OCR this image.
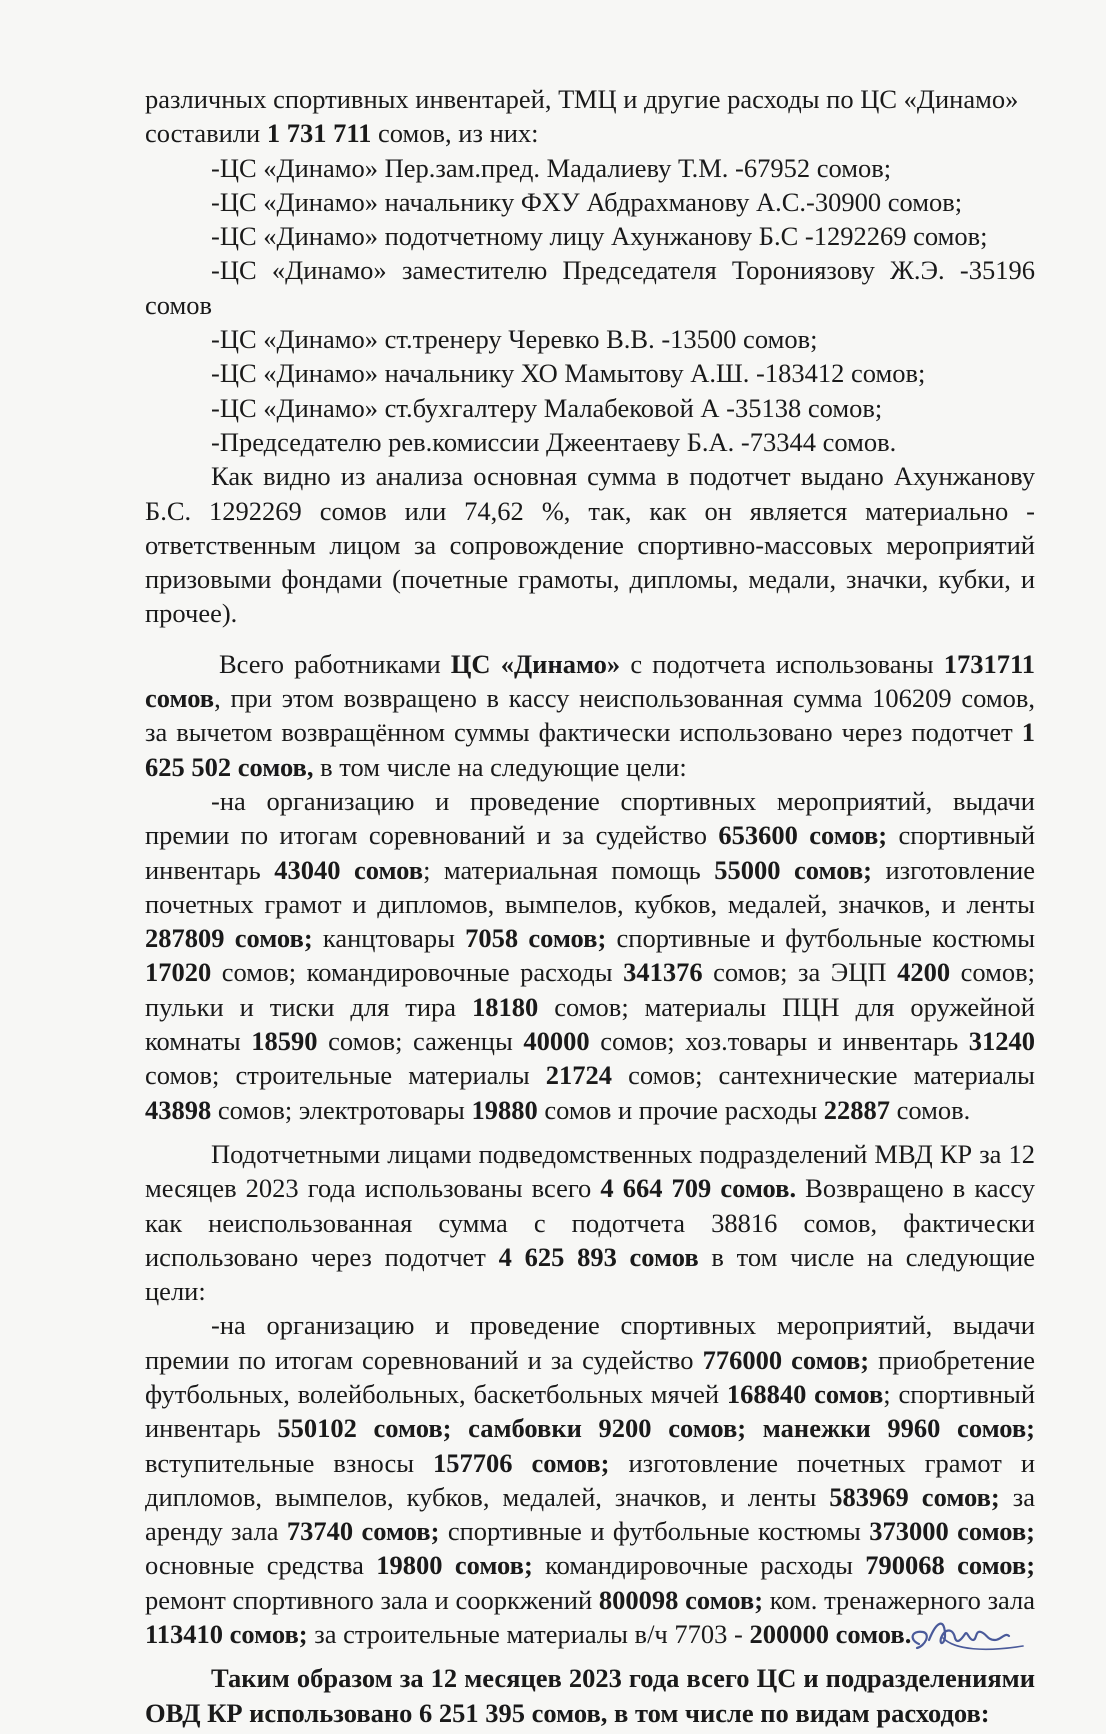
различных спортивных инвентарей, ТМЦ и другие расходы по ЦС «Динамо»
составили 1 731 711 сомов, из них:

-ЦС «Динамо» Пер.зам.пред. Мадалиеву Т.М. -67952 сомов;

-ЦС «Динамо» начальнику ФХУ Абдрахманову А.С.-30900 сомов;

-ЦС «Динамо» подотчетному лицу Ахунжанову Б.С -1292269 сомов;

-ЦС «Динамо» заместителю Председателя Торониязову Ж.Э. -35196 сомов

-ЦС «Динамо» ст.тренеру Черевко В.В. -13500 сомов;

-ЦС «Динамо» начальнику ХО Мамытову А.Ш. -183412 сомов;

-ЦС «Динамо» ст.бухгалтеру Малабековой А -35138 сомов;

-Председателю рев.комиссии Джеентаеву Б.А. -73344 сомов.

Как видно из анализа основная сумма в подотчет выдано Ахунжанову Б.С. 1292269 сомов или 74,62 %, так, как он является материально - ответственным лицом за сопровождение спортивно-массовых мероприятий призовыми фондами (почетные грамоты, дипломы, медали, значки, кубки, и прочее).

Всего работниками ЦС «Динамо» с подотчета использованы 1731711 сомов, при этом возвращено в кассу неиспользованная сумма 106209 сомов, за вычетом возвращённом суммы фактически использовано через подотчет 1 625 502 сомов, в том числе на следующие цели:

-на организацию и проведение спортивных мероприятий, выдачи премии по итогам соревнований и за судейство 653600 сомов; спортивный инвентарь 43040 сомов; материальная помощь 55000 сомов; изготовление почетных грамот и дипломов, вымпелов, кубков, медалей, значков, и ленты 287809 сомов; канцтовары 7058 сомов; спортивные и футбольные костюмы 17020 сомов; командировочные расходы 341376 сомов; за ЭЦП 4200 сомов; пульки и тиски для тира 18180 сомов; материалы ПЦН для оружейной комнаты 18590 сомов; саженцы 40000 сомов; хоз.товары и инвентарь 31240 сомов; строительные материалы 21724 сомов; сантехнические материалы 43898 сомов; электротовары 19880 сомов и прочие расходы 22887 сомов.

Подотчетными лицами подведомственных подразделений МВД КР за 12 месяцев 2023 года использованы всего 4 664 709 сомов. Возвращено в кассу как неиспользованная сумма с подотчета 38816 сомов, фактически использовано через подотчет 4 625 893 сомов в том числе на следующие цели:

-на организацию и проведение спортивных мероприятий, выдачи премии по итогам соревнований и за судейство 776000 сомов; приобретение футбольных, волейбольных, баскетбольных мячей 168840 сомов; спортивный инвентарь 550102 сомов; самбовки 9200 сомов; манежки 9960 сомов; вступительные взносы 157706 сомов; изготовление почетных грамот и дипломов, вымпелов, кубков, медалей, значков, и ленты 583969 сомов; за аренду зала 73740 сомов; спортивные и футбольные костюмы 373000 сомов; основные средства 19800 сомов; командировочные расходы 790068 сомов; ремонт спортивного зала и сооркжений 800098 сомов; ком. тренажерного зала 113410 сомов; за строительные материалы в/ч 7703 - 200000 сомов.

Таким образом за 12 месяцев 2023 года всего ЦС и подразделениями ОВД КР использовано 6 251 395 сомов, в том числе по видам расходов:
